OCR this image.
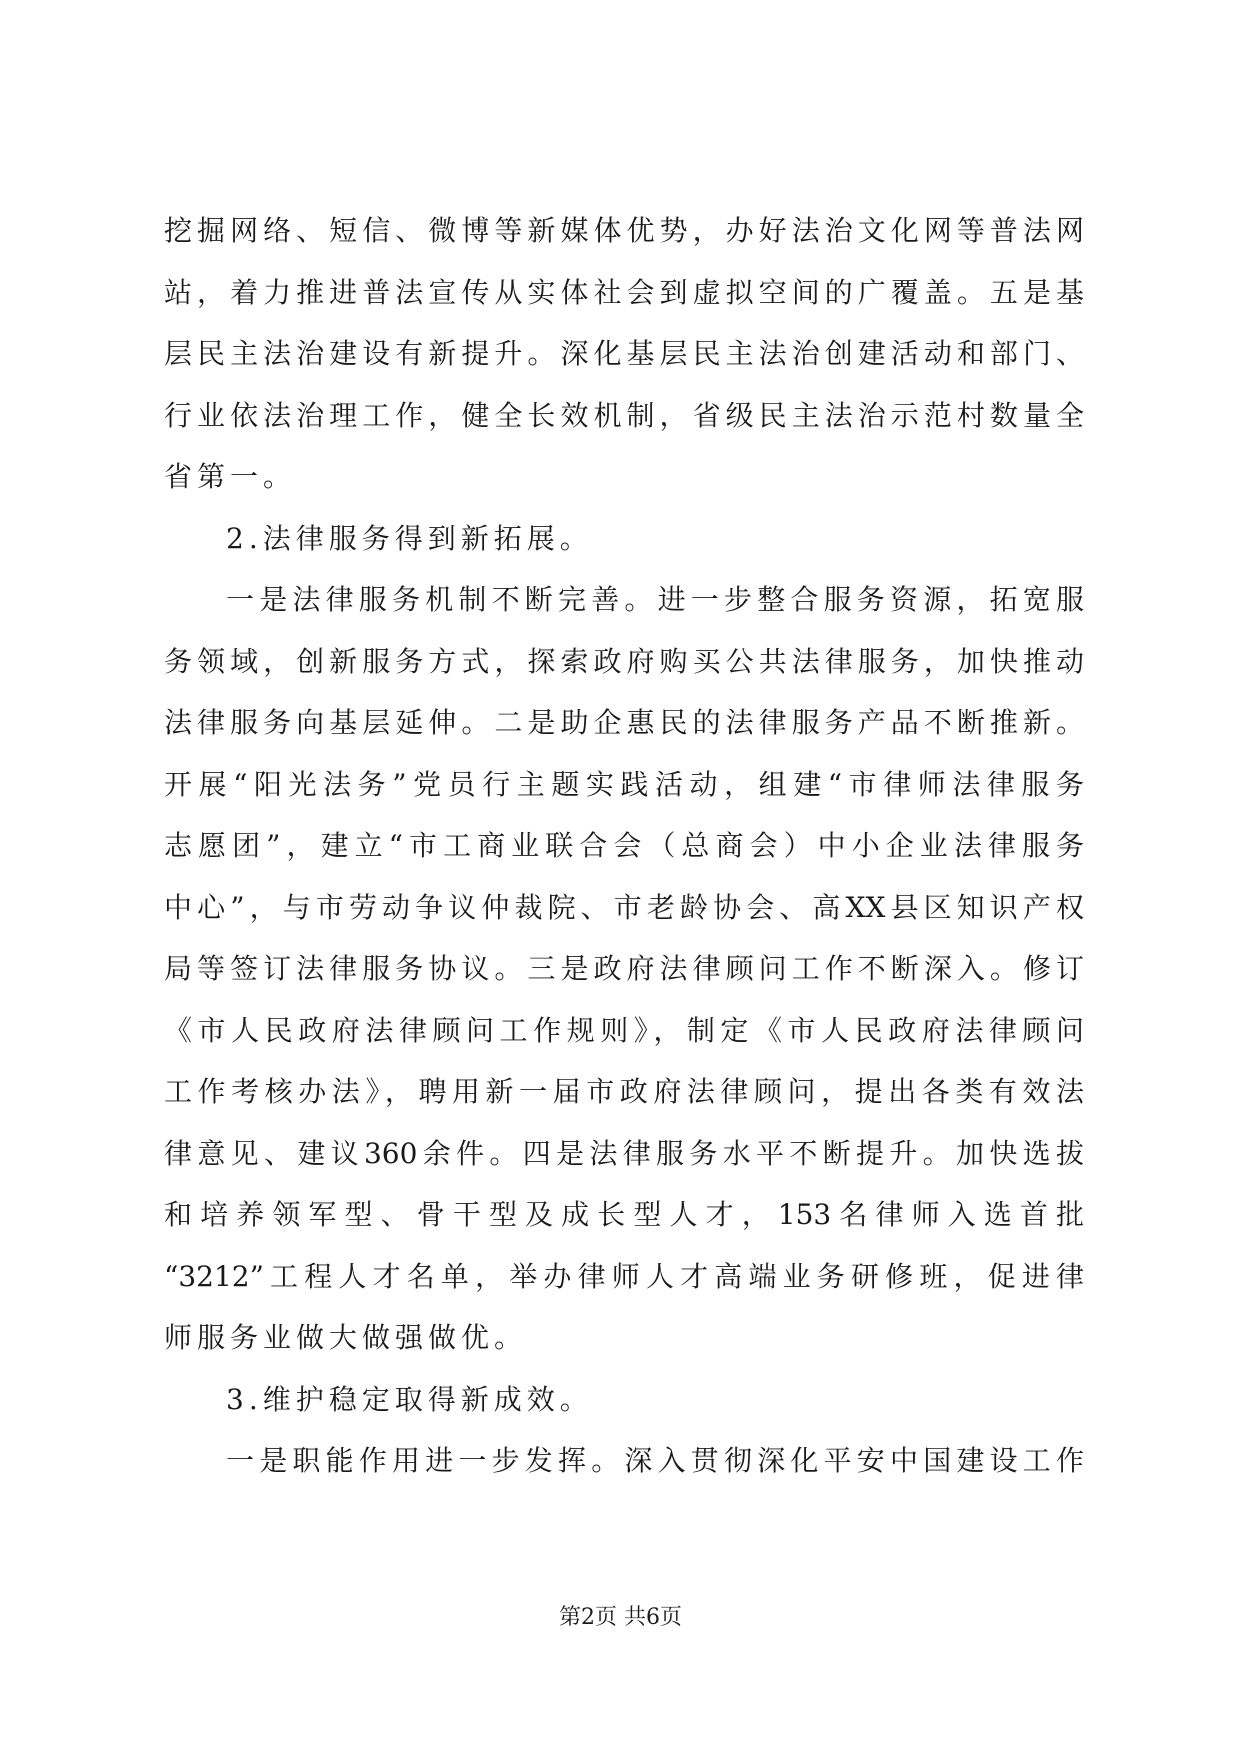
挖掘网络、短信、微博等新媒体优势，办好法治文化网等普法网
站，着力推进普法宣传从实体社会到虚拟空间的广覆盖。五是基
层民主法治建设有新提升。深化基层民主法治创建活动和部门、
行业依法治理工作，健全长效机制，省级民主法治示范村数量全
省第一。
2.法律服务得到新拓展。
一是法律服务机制不断完善。进一步整合服务资源，拓宽服
务领域，创新服务方式，探索政府购买公共法律服务，加快推动
法律服务向基层延伸。二是助企惠民的法律服务产品不断推新。
开展“阳光法务”党员行主题实践活动，组建“市律师法律服务
志愿团”，建立“市工商业联合会（总商会）中小企业法律服务
中心”，与市劳动争议仲裁院、市老龄协会、高XX县区知识产权
局等签订法律服务协议。三是政府法律顾问工作不断深入。修订
《市人民政府法律顾问工作规则》，制定《市人民政府法律顾问
工作考核办法》，聘用新一届市政府法律顾问，提出各类有效法
律意见、建议360余件。四是法律服务水平不断提升。加快选拔
和培养领军型、骨干型及成长型人才，153名律师入选首批
“3212”工程人才名单，举办律师人才高端业务研修班，促进律
师服务业做大做强做优。
3.维护稳定取得新成效。
一是职能作用进一步发挥。深入贯彻深化平安中国建设工作
第2页 共6页
